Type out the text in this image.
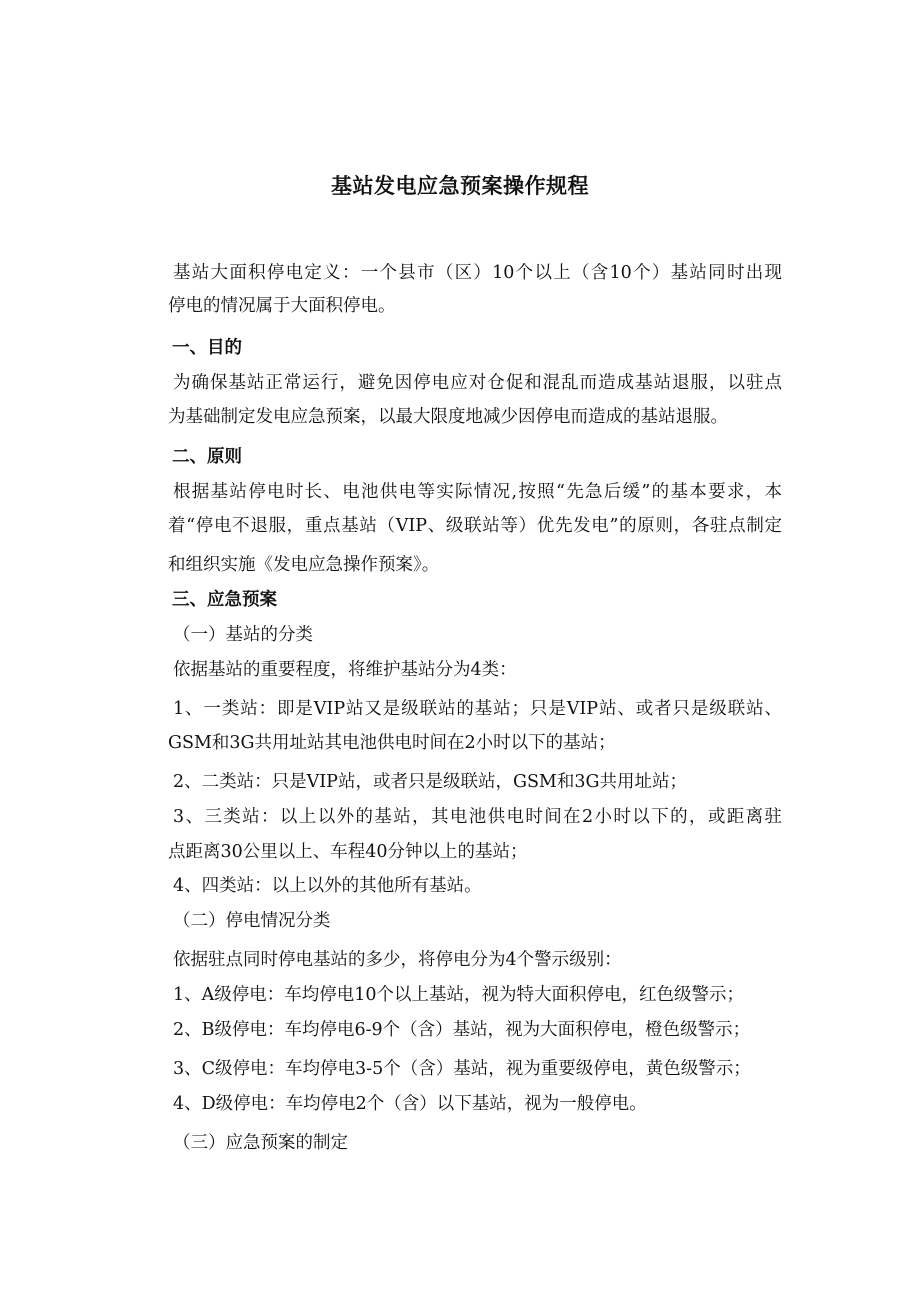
基站发电应急预案操作规程
基站大面积停电定义：一个县市（区）10个以上（含10个）基站同时出现
停电的情况属于大面积停电。
一、目的
为确保基站正常运行，避免因停电应对仓促和混乱而造成基站退服，以驻点
为基础制定发电应急预案，以最大限度地减少因停电而造成的基站退服。
二、原则
根据基站停电时长、电池供电等实际情况,按照“先急后缓”的基本要求，本
着“停电不退服，重点基站（VIP、级联站等）优先发电”的原则，各驻点制定
和组织实施《发电应急操作预案》。
三、应急预案
（一）基站的分类
依据基站的重要程度，将维护基站分为4类：
1、一类站：即是VIP站又是级联站的基站；只是VIP站、或者只是级联站、
GSM和3G共用址站其电池供电时间在2小时以下的基站；
2、二类站：只是VIP站，或者只是级联站，GSM和3G共用址站；
3、三类站：以上以外的基站，其电池供电时间在2小时以下的，或距离驻
点距离30公里以上、车程40分钟以上的基站；
4、四类站：以上以外的其他所有基站。
（二）停电情况分类
依据驻点同时停电基站的多少，将停电分为4个警示级别：
1、A级停电：车均停电10个以上基站，视为特大面积停电，红色级警示；
2、B级停电：车均停电6-9个（含）基站，视为大面积停电，橙色级警示；
3、C级停电：车均停电3-5个（含）基站，视为重要级停电，黄色级警示；
4、D级停电：车均停电2个（含）以下基站，视为一般停电。
（三）应急预案的制定
